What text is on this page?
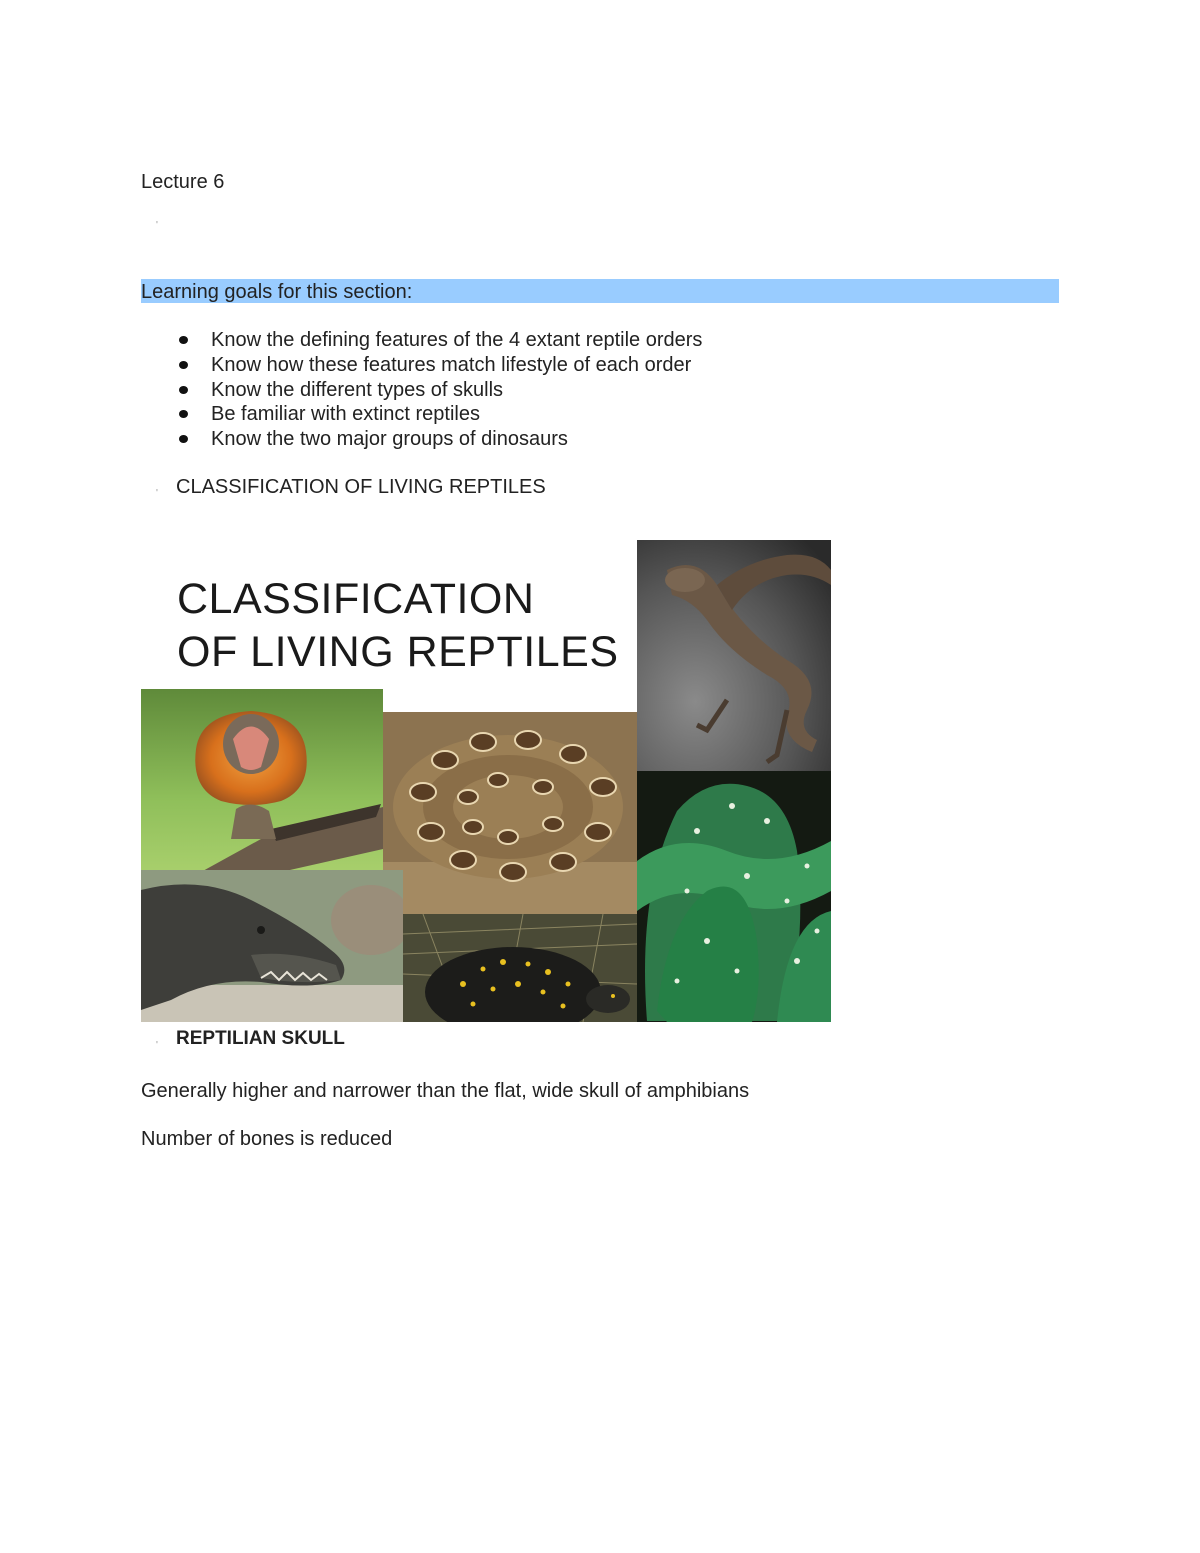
Lecture 6
'
Learning goals for this section:
Know the defining features of the 4 extant reptile orders
Know how these features match lifestyle of each order
Know the different types of skulls
Be familiar with extinct reptiles
Know the two major groups of dinosaurs
' CLASSIFICATION OF LIVING REPTILES
CLASSIFICATION
OF LIVING REPTILES
' REPTILIAN SKULL
Generally higher and narrower than the flat, wide skull of amphibians
Number of bones is reduced
